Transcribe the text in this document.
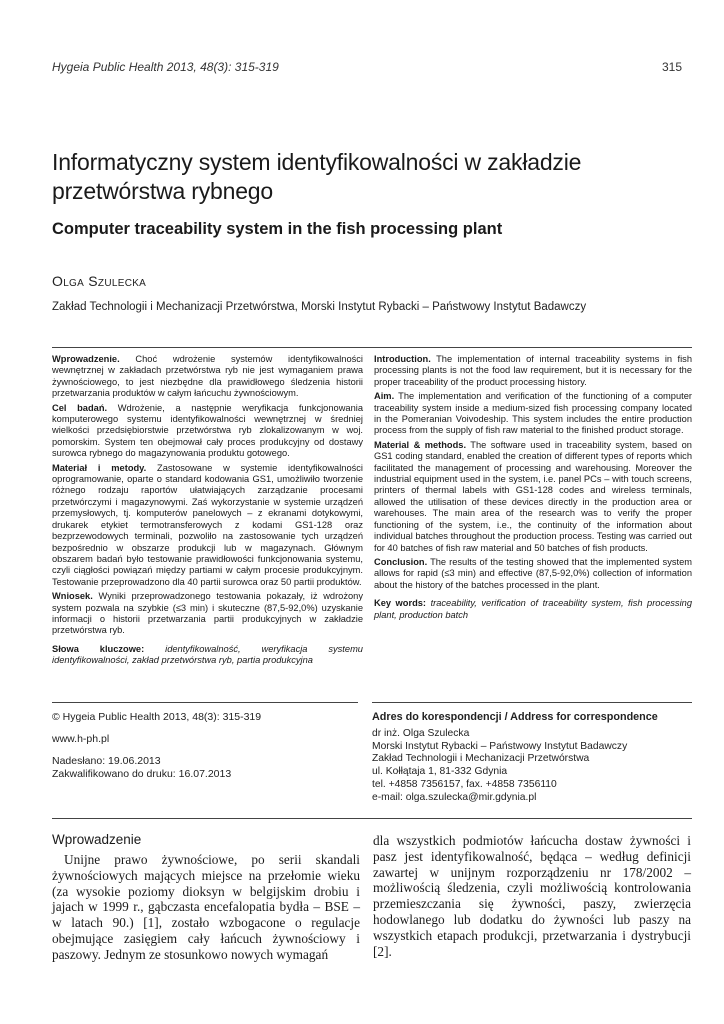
Hygeia Public Health 2013, 48(3): 315-319	315
Informatyczny system identyfikowalności w zakładzie przetwórstwa rybnego
Computer traceability system in the fish processing plant
Olga Szulecka
Zakład Technologii i Mechanizacji Przetwórstwa, Morski Instytut Rybacki – Państwowy Instytut Badawczy

Wprowadzenie. Choć wdrożenie systemów identyfikowalności wewnętrznej w zakładach przetwórstwa ryb nie jest wymaganiem prawa żywnościowego, to jest niezbędne dla prawidłowego śledzenia historii przetwarzania produktów w całym łańcuchu żywnościowym.

Cel badań. Wdrożenie, a następnie weryfikacja funkcjonowania komputerowego systemu identyfikowalności wewnętrznej w średniej wielkości przedsiębiorstwie przetwórstwa ryb zlokalizowanym w woj. pomorskim. System ten obejmował cały proces produkcyjny od dostawy surowca rybnego do magazynowania produktu gotowego.

Materiał i metody. Zastosowane w systemie identyfikowalności oprogramowanie, oparte o standard kodowania GS1, umożliwiło tworzenie różnego rodzaju raportów ułatwiających zarządzanie procesami przetwórczymi i magazynowymi. Zaś wykorzystanie w systemie urządzeń przemysłowych, tj. komputerów panelowych – z ekranami dotykowymi, drukarek etykiet termotransferowych z kodami GS1-128 oraz bezprzewodowych terminali, pozwoliło na zastosowanie tych urządzeń bezpośrednio w obszarze produkcji lub w magazynach. Głównym obszarem badań było testowanie prawidłowości funkcjonowania systemu, czyli ciągłości powiązań między partiami w całym procesie produkcyjnym. Testowanie przeprowadzono dla 40 partii surowca oraz 50 partii produktów.

Wniosek. Wyniki przeprowadzonego testowania pokazały, iż wdrożony system pozwala na szybkie (≤3 min) i skuteczne (87,5-92,0%) uzyskanie informacji o historii przetwarzania partii produkcyjnych w zakładzie przetwórstwa ryb.

Słowa kluczowe: identyfikowalność, weryfikacja systemu identyfikowalności, zakład przetwórstwa ryb, partia produkcyjna

Introduction. The implementation of internal traceability systems in fish processing plants is not the food law requirement, but it is necessary for the proper traceability of the product processing history.

Aim. The implementation and verification of the functioning of a computer traceability system inside a medium-sized fish processing company located in the Pomeranian Voivodeship. This system includes the entire production process from the supply of fish raw material to the finished product storage.

Material & methods. The software used in traceability system, based on GS1 coding standard, enabled the creation of different types of reports which facilitated the management of processing and warehousing. Moreover the industrial equipment used in the system, i.e. panel PCs – with touch screens, printers of thermal labels with GS1-128 codes and wireless terminals, allowed the utilisation of these devices directly in the production area or warehouses. The main area of the research was to verify the proper functioning of the system, i.e., the continuity of the information about individual batches throughout the production process. Testing was carried out for 40 batches of fish raw material and 50 batches of fish products.

Conclusion. The results of the testing showed that the implemented system allows for rapid (≤3 min) and effective (87,5-92,0%) collection of information about the history of the batches processed in the plant.

Key words: traceability, verification of traceability system, fish processing plant, production batch

© Hygeia Public Health 2013, 48(3): 315-319
www.h-ph.pl
Nadesłano: 19.06.2013
Zakwalifikowano do druku: 16.07.2013
Adres do korespondencji / Address for correspondence
dr inż. Olga Szulecka
Morski Instytut Rybacki – Państwowy Instytut Badawczy
Zakład Technologii i Mechanizacji Przetwórstwa
ul. Kołłątaja 1, 81-332 Gdynia
tel. +4858 7356157, fax. +4858 7356110
e-mail: olga.szulecka@mir.gdynia.pl
Wprowadzenie

Unijne prawo żywnościowe, po serii skandali żywnościowych mających miejsce na przełomie wieku (za wysokie poziomy dioksyn w belgijskim drobiu i jajach w 1999 r., gąbczasta encefalopatia bydła – BSE – w latach 90.) [1], zostało wzbogacone o regulacje obejmujące zasięgiem cały łańcuch żywnościowy i paszowy. Jednym ze stosunkowo nowych wymagań

dla wszystkich podmiotów łańcucha dostaw żywności i pasz jest identyfikowalność, będąca – według definicji zawartej w unijnym rozporządzeniu nr 178/2002 – możliwością śledzenia, czyli możliwością kontrolowania przemieszczania się żywności, paszy, zwierzęcia hodowlanego lub dodatku do żywności lub paszy na wszystkich etapach produkcji, przetwarzania i dystrybucji [2].
